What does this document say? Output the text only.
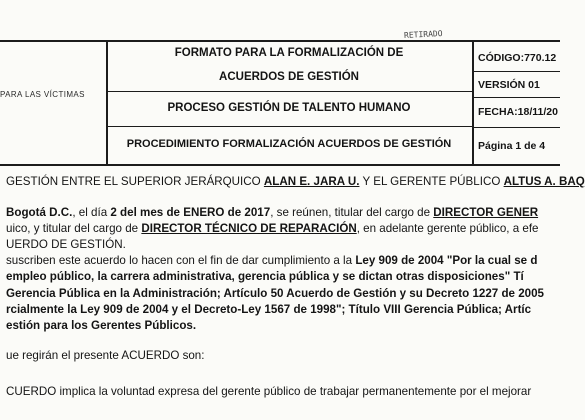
RETIRADO
PARA LAS VÍCTIMAS
FORMATO PARA LA FORMALIZACIÓN DE
ACUERDOS DE GESTIÓN
PROCESO GESTIÓN DE TALENTO HUMANO
PROCEDIMIENTO FORMALIZACIÓN ACUERDOS DE GESTIÓN
CÓDIGO:770.12
VERSIÓN 01
FECHA:18/11/20
Página 1 de 4
GESTIÓN ENTRE EL SUPERIOR JERÁRQUICO ALAN E. JARA U. Y EL GERENTE PÚBLICO ALTUS A. BAQ
Bogotá D.C., el día 2 del mes de ENERO de 2017, se reúnen, titular del cargo de DIRECTOR GENER
uico, y titular del cargo de DIRECTOR TÉCNICO DE REPARACIÓN, en adelante gerente público, a efe
UERDO DE GESTIÓN.
suscriben este acuerdo lo hacen con el fin de dar cumplimiento a la Ley 909 de 2004 "Por la cual se d
empleo público, la carrera administrativa, gerencia pública y se dictan otras disposiciones" Tí
Gerencia Pública en la Administración; Artículo 50 Acuerdo de Gestión y su Decreto 1227 de 2005
rcialmente la Ley 909 de 2004 y el Decreto-Ley 1567 de 1998"; Título VIII Gerencia Pública; Artíc
estión para los Gerentes Públicos.
ue regirán el presente ACUERDO son:
CUERDO implica la voluntad expresa del gerente público de trabajar permanentemente por el mejorar
